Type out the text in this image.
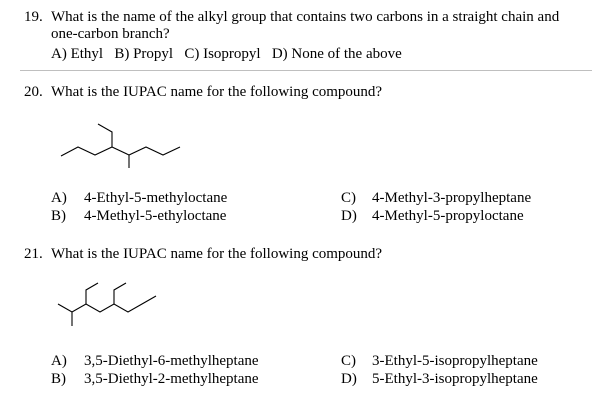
19. What is the name of the alkyl group that contains two carbons in a straight chain and
one-carbon branch?
A) Ethyl   B) Propyl   C) Isopropyl   D) None of the above
20. What is the IUPAC name for the following compound?
A) 4-Ethyl-5-methyloctane
B) 4-Methyl-5-ethyloctane
C) 4-Methyl-3-propylheptane
D) 4-Methyl-5-propyloctane
21. What is the IUPAC name for the following compound?
A) 3,5-Diethyl-6-methylheptane
B) 3,5-Diethyl-2-methylheptane
C) 3-Ethyl-5-isopropylheptane
D) 5-Ethyl-3-isopropylheptane
